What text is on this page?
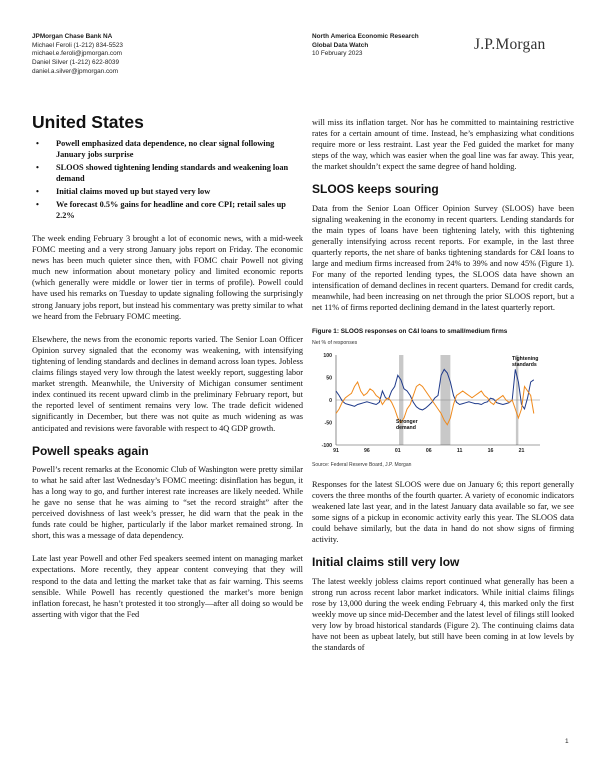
JPMorgan Chase Bank NA
Michael Feroli (1-212) 834-5523
michael.e.feroli@jpmorgan.com
Daniel Silver (1-212) 622-8039
daniel.a.silver@jpmorgan.com
North America Economic Research
Global Data Watch
10 February 2023
J.P.Morgan
United States
• Powell emphasized data dependence, no clear signal following January jobs surprise
• SLOOS showed tightening lending standards and weakening loan demand
• Initial claims moved up but stayed very low
• We forecast 0.5% gains for headline and core CPI; retail sales up 2.2%

The week ending February 3 brought a lot of economic news, with a mid-week FOMC meeting and a very strong January jobs report on Friday. The economic news has been much quieter since then, with FOMC chair Powell not giving much new information about monetary policy and limited economic reports (which generally were middle or lower tier in terms of profile). Powell could have used his remarks on Tuesday to update signaling following the surprisingly strong January jobs report, but instead his commentary was pretty similar to what we heard from the February FOMC meeting.

Elsewhere, the news from the economic reports varied. The Senior Loan Officer Opinion survey signaled that the economy was weakening, with intensifying tightening of lending standards and declines in demand across loan types. Jobless claims filings stayed very low through the latest weekly report, suggesting labor market strength. Meanwhile, the University of Michigan consumer sentiment index continued its recent upward climb in the preliminary February report, but the reported level of sentiment remains very low. The trade deficit widened significantly in December, but there was not quite as much widening as was anticipated and revisions were favorable with respect to 4Q GDP growth.

Powell speaks again

Powell’s recent remarks at the Economic Club of Washington were pretty similar to what he said after last Wednesday’s FOMC meeting: disinflation has begun, it has a long way to go, and further interest rate increases are likely needed. While he gave no sense that he was aiming to “set the record straight” after the perceived dovishness of last week’s presser, he did warn that the peak in the funds rate could be higher, particularly if the labor market remained strong. In short, this was a message of data dependency.

Late last year Powell and other Fed speakers seemed intent on managing market expectations. More recently, they appear content conveying that they will respond to the data and letting the market take that as fair warning. This seems sensible. While Powell has recently questioned the market’s more benign inflation forecast, he hasn’t protested it too strongly—after all doing so would be asserting with vigor that the Fed

will miss its inflation target. Nor has he committed to maintaining restrictive rates for a certain amount of time. Instead, he’s emphasizing what conditions require more or less restraint. Last year the Fed guided the market for many steps of the way, which was easier when the goal line was far away. This year, the market shouldn’t expect the same degree of hand holding.

SLOOS keeps souring

Data from the Senior Loan Officer Opinion Survey (SLOOS) have been signaling weakening in the economy in recent quarters. Lending standards for the main types of loans have been tightening lately, with this tightening generally intensifying across recent reports. For example, in the last three quarterly reports, the net share of banks tightening standards for C&I loans to large and medium firms increased from 24% to 39% and now 45% (Figure 1). For many of the reported lending types, the SLOOS data have shown an intensification of demand declines in recent quarters. Demand for credit cards, meanwhile, had been increasing on net through the prior SLOOS report, but a net 11% of firms reported declining demand in the latest quarterly report.

Figure 1: SLOOS responses on C&I loans to small/medium firms
Net % of responses
100
50
0
-50
-100
91	96	01	06	11	16	21
Tightening standards
Stronger demand
Source: Federal Reserve Board, J.P. Morgan

Responses for the latest SLOOS were due on January 6; this report generally covers the three months of the fourth quarter. A variety of economic indicators weakened late last year, and in the latest January data available so far, we see some signs of a pickup in economic activity early this year. The SLOOS data could behave similarly, but the data in hand do not show signs of firming activity.

Initial claims still very low

The latest weekly jobless claims report continued what generally has been a strong run across recent labor market indicators. While initial claims filings rose by 13,000 during the week ending February 4, this marked only the first weekly move up since mid-December and the latest level of filings still looked very low by broad historical standards (Figure 2). The continuing claims data have not been as upbeat lately, but still have been coming in at low levels by the standards of

1
